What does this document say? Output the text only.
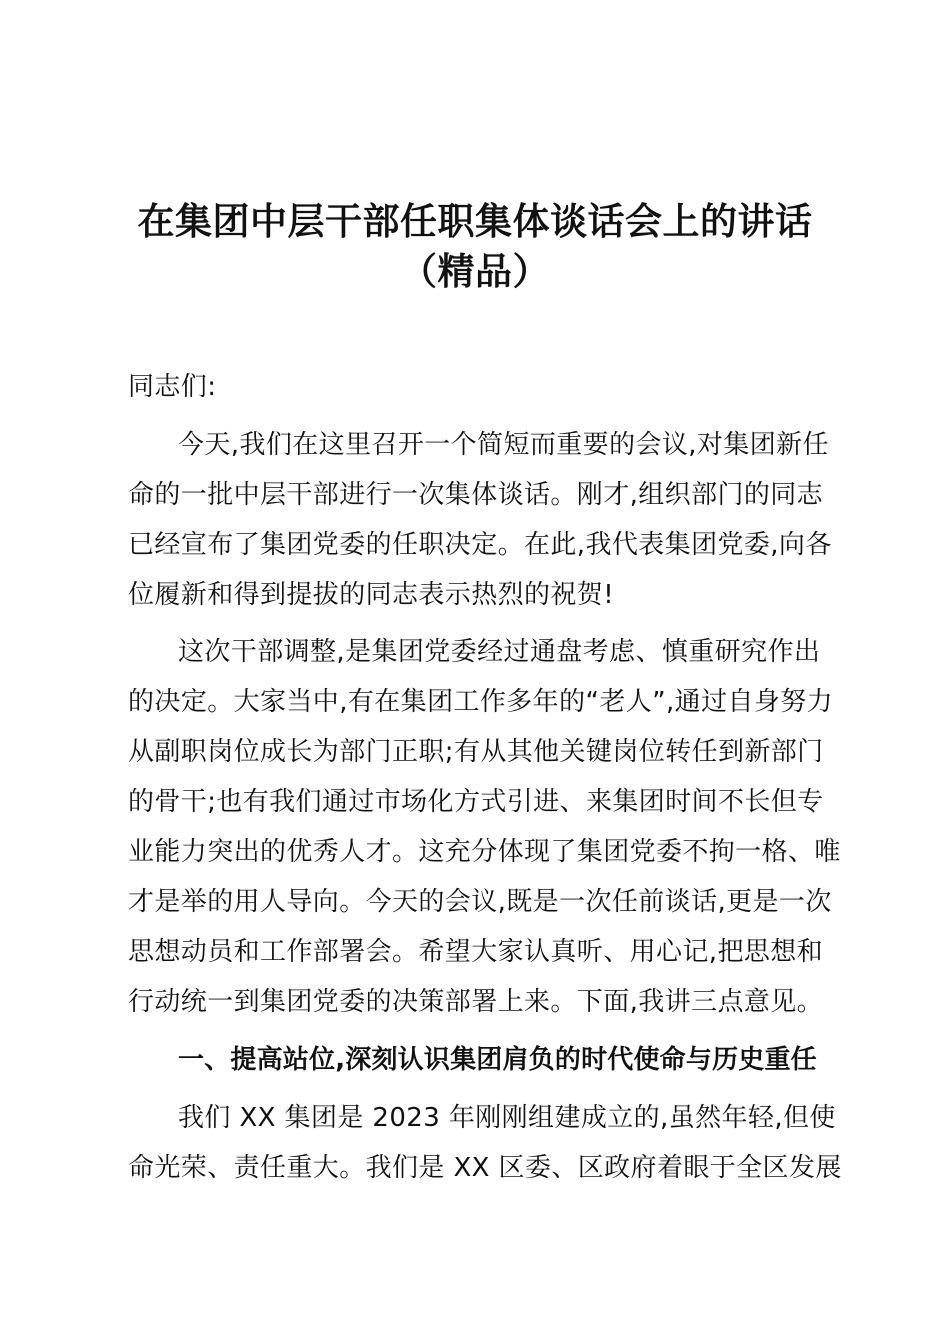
在集团中层干部任职集体谈话会上的讲话
（精品）
同志们:
今天,我们在这里召开一个简短而重要的会议,对集团新任
命的一批中层干部进行一次集体谈话。刚才,组织部门的同志
已经宣布了集团党委的任职决定。在此,我代表集团党委,向各
位履新和得到提拔的同志表示热烈的祝贺!
这次干部调整,是集团党委经过通盘考虑、慎重研究作出
的决定。大家当中,有在集团工作多年的“老人”,通过自身努力
从副职岗位成长为部门正职;有从其他关键岗位转任到新部门
的骨干;也有我们通过市场化方式引进、来集团时间不长但专
业能力突出的优秀人才。这充分体现了集团党委不拘一格、唯
才是举的用人导向。今天的会议,既是一次任前谈话,更是一次
思想动员和工作部署会。希望大家认真听、用心记,把思想和
行动统一到集团党委的决策部署上来。下面,我讲三点意见。
一、提高站位,深刻认识集团肩负的时代使命与历史重任
我们 XX 集团是 2023 年刚刚组建成立的,虽然年轻,但使
命光荣、责任重大。我们是 XX 区委、区政府着眼于全区发展
